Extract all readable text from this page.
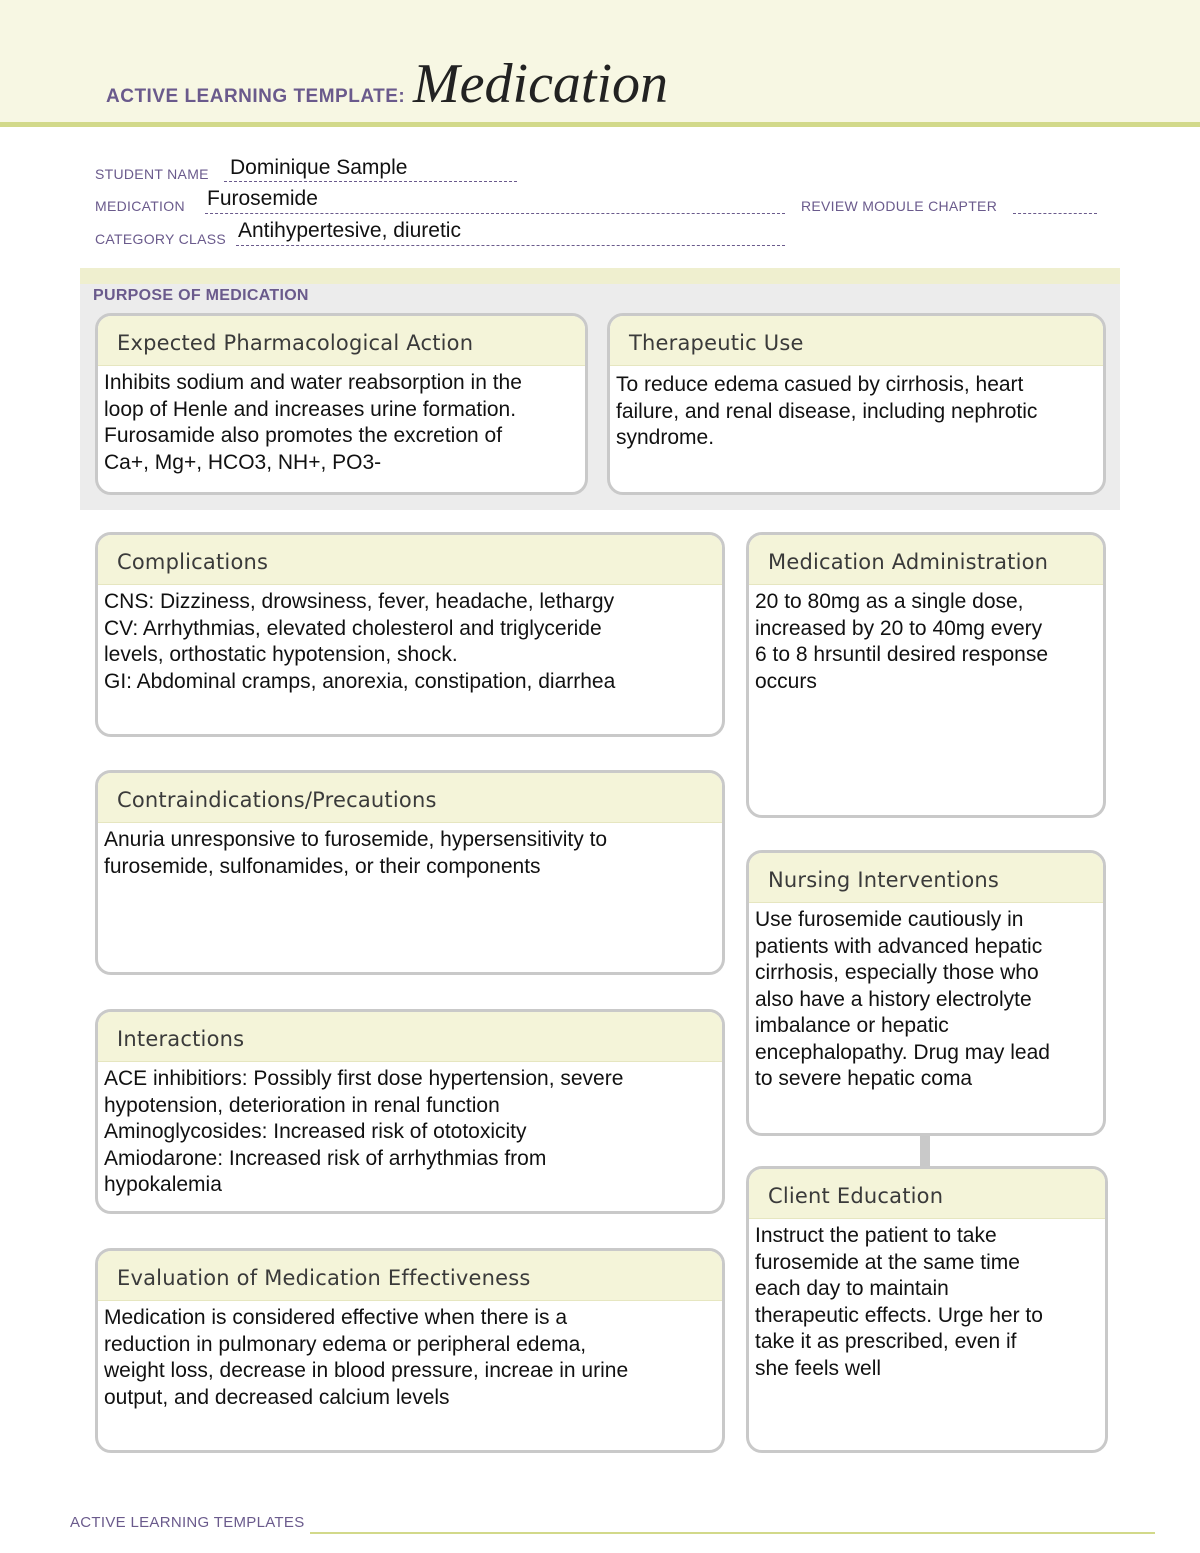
ACTIVE LEARNING TEMPLATE: Medication
STUDENT NAME Dominique Sample
MEDICATION Furosemide	REVIEW MODULE CHAPTER
CATEGORY CLASS Antihypertesive, diuretic
PURPOSE OF MEDICATION
Expected Pharmacological Action
Inhibits sodium and water reabsorption in the
loop of Henle and increases urine formation.
Furosamide also promotes the excretion of
Ca+, Mg+, HCO3, NH+, PO3-
Therapeutic Use
To reduce edema casued by cirrhosis, heart
failure, and renal disease, including nephrotic
syndrome.
Complications
CNS: Dizziness, drowsiness, fever, headache, lethargy
CV: Arrhythmias, elevated cholesterol and triglyceride
levels, orthostatic hypotension, shock.
GI: Abdominal cramps, anorexia, constipation, diarrhea
Contraindications/Precautions
Anuria unresponsive to furosemide, hypersensitivity to
furosemide, sulfonamides, or their components
Interactions
ACE inhibitiors: Possibly first dose hypertension, severe
hypotension, deterioration in renal function
Aminoglycosides: Increased risk of ototoxicity
Amiodarone: Increased risk of arrhythmias from
hypokalemia
Evaluation of Medication Effectiveness
Medication is considered effective when there is a
reduction in pulmonary edema or peripheral edema,
weight loss, decrease in blood pressure, increae in urine
output, and decreased calcium levels
Medication Administration
20 to 80mg as a single dose,
increased by 20 to 40mg every
6 to 8 hrsuntil desired response
occurs
Nursing Interventions
Use furosemide cautiously in
patients with advanced hepatic
cirrhosis, especially those who
also have a history electrolyte
imbalance or hepatic
encephalopathy. Drug may lead
to severe hepatic coma
Client Education
Instruct the patient to take
furosemide at the same time
each day to maintain
therapeutic effects. Urge her to
take it as prescribed, even if
she feels well
ACTIVE LEARNING TEMPLATES
